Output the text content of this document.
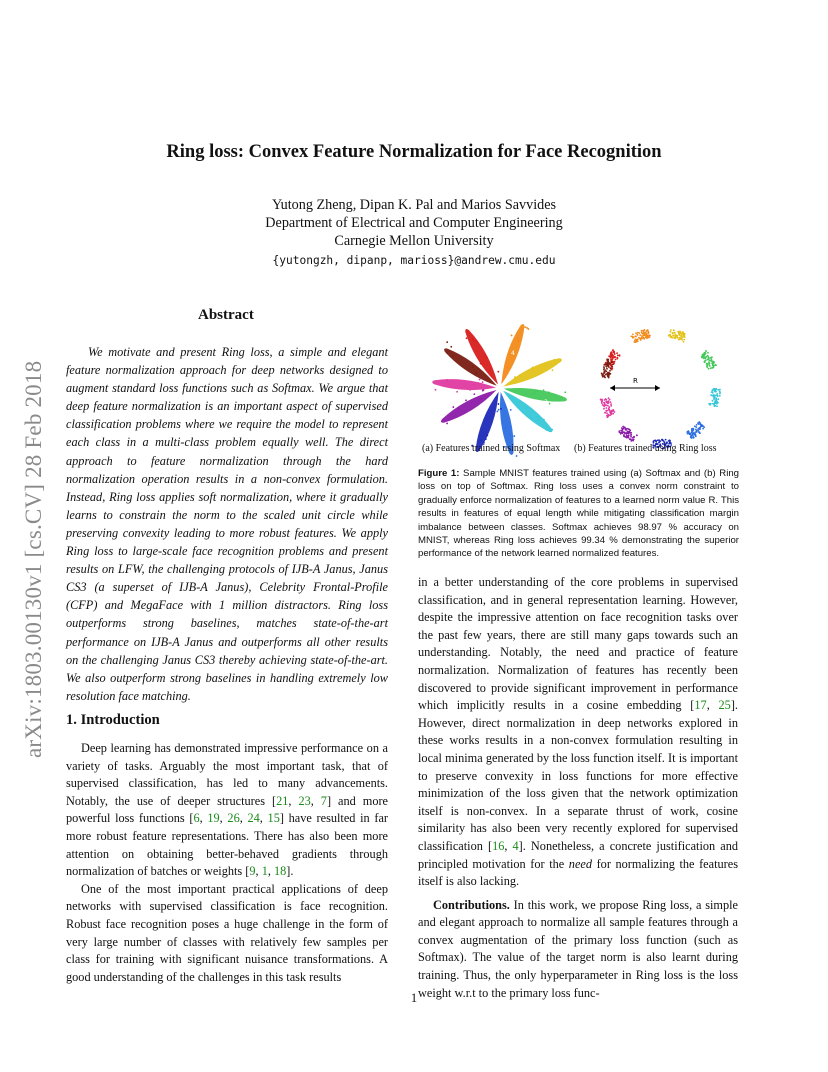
arXiv:1803.00130v1 [cs.CV] 28 Feb 2018
Ring loss: Convex Feature Normalization for Face Recognition
Yutong Zheng, Dipan K. Pal and Marios Savvides
Department of Electrical and Computer Engineering
Carnegie Mellon University
{yutongzh, dipanp, marioss}@andrew.cmu.edu
Abstract
We motivate and present Ring loss, a simple and elegant feature normalization approach for deep networks designed to augment standard loss functions such as Softmax. We argue that deep feature normalization is an important aspect of supervised classification problems where we require the model to represent each class in a multi-class problem equally well. The direct approach to feature normalization through the hard normalization operation results in a non-convex formulation. Instead, Ring loss applies soft normalization, where it gradually learns to constrain the norm to the scaled unit circle while preserving convexity leading to more robust features. We apply Ring loss to large-scale face recognition problems and present results on LFW, the challenging protocols of IJB-A Janus, Janus CS3 (a superset of IJB-A Janus), Celebrity Frontal-Profile (CFP) and MegaFace with 1 million distractors. Ring loss outperforms strong baselines, matches state-of-the-art performance on IJB-A Janus and outperforms all other results on the challenging Janus CS3 thereby achieving state-of-the-art. We also outperform strong baselines in handling extremely low resolution face matching.
1. Introduction

Deep learning has demonstrated impressive performance on a variety of tasks. Arguably the most important task, that of supervised classification, has led to many advancements. Notably, the use of deeper structures [21, 23, 7] and more powerful loss functions [6, 19, 26, 24, 15] have resulted in far more robust feature representations. There has also been more attention on obtaining better-behaved gradients through normalization of batches or weights [9, 1, 18].

One of the most important practical applications of deep networks with supervised classification is face recognition. Robust face recognition poses a huge challenge in the form of very large number of classes with relatively few samples per class for training with significant nuisance transformations. A good understanding of the challenges in this task results

1	4
7
5
3
6
0
R
(a) Features trained using Softmax (b) Features trained using Ring loss
Figure 1: Sample MNIST features trained using (a) Softmax and (b) Ring loss on top of Softmax. Ring loss uses a convex norm constraint to gradually enforce normalization of features to a learned norm value R. This results in features of equal length while mitigating classification margin imbalance between classes. Softmax achieves 98.97 % accuracy on MNIST, whereas Ring loss achieves 99.34 % demonstrating the superior performance of the network learned normalized features.

in a better understanding of the core problems in supervised classification, and in general representation learning. However, despite the impressive attention on face recognition tasks over the past few years, there are still many gaps towards such an understanding. Notably, the need and practice of feature normalization. Normalization of features has recently been discovered to provide significant improvement in performance which implicitly results in a cosine embedding [17, 25]. However, direct normalization in deep networks explored in these works results in a non-convex formulation resulting in local minima generated by the loss function itself. It is important to preserve convexity in loss functions for more effective minimization of the loss given that the network optimization itself is non-convex. In a separate thrust of work, cosine similarity has also been very recently explored for supervised classification [16, 4]. Nonetheless, a concrete justification and principled motivation for the need for normalizing the features itself is also lacking.

Contributions. In this work, we propose Ring loss, a simple and elegant approach to normalize all sample features through a convex augmentation of the primary loss function (such as Softmax). The value of the target norm is also learnt during training. Thus, the only hyperparameter in Ring loss is the loss weight w.r.t to the primary loss func-

1
